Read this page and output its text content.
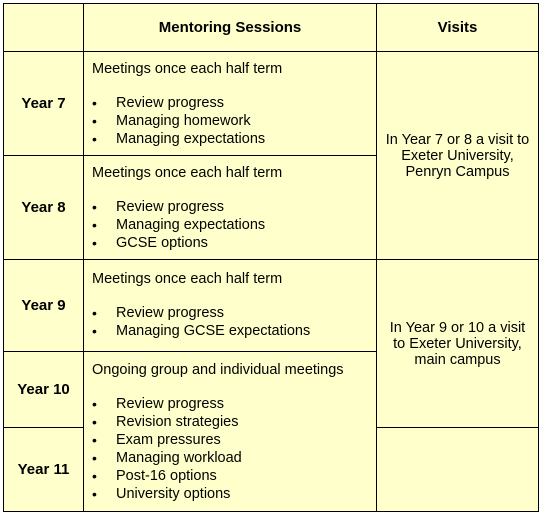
Mentoring Sessions	Visits
Year 7
Year 8
Year 9
Year 10
Year 11
In Year 7 or 8 a visit to Exeter University, Penryn Campus
In Year 9 or 10 a visit to Exeter University, main campus
Meetings once each half term
• Review progress
• Managing homework
• Managing expectations
Meetings once each half term
• Review progress
• Managing expectations
• GCSE options
Meetings once each half term
• Review progress
• Managing GCSE expectations
Ongoing group and individual meetings
• Review progress
• Revision strategies
• Exam pressures
• Managing workload
• Post-16 options
• University options
